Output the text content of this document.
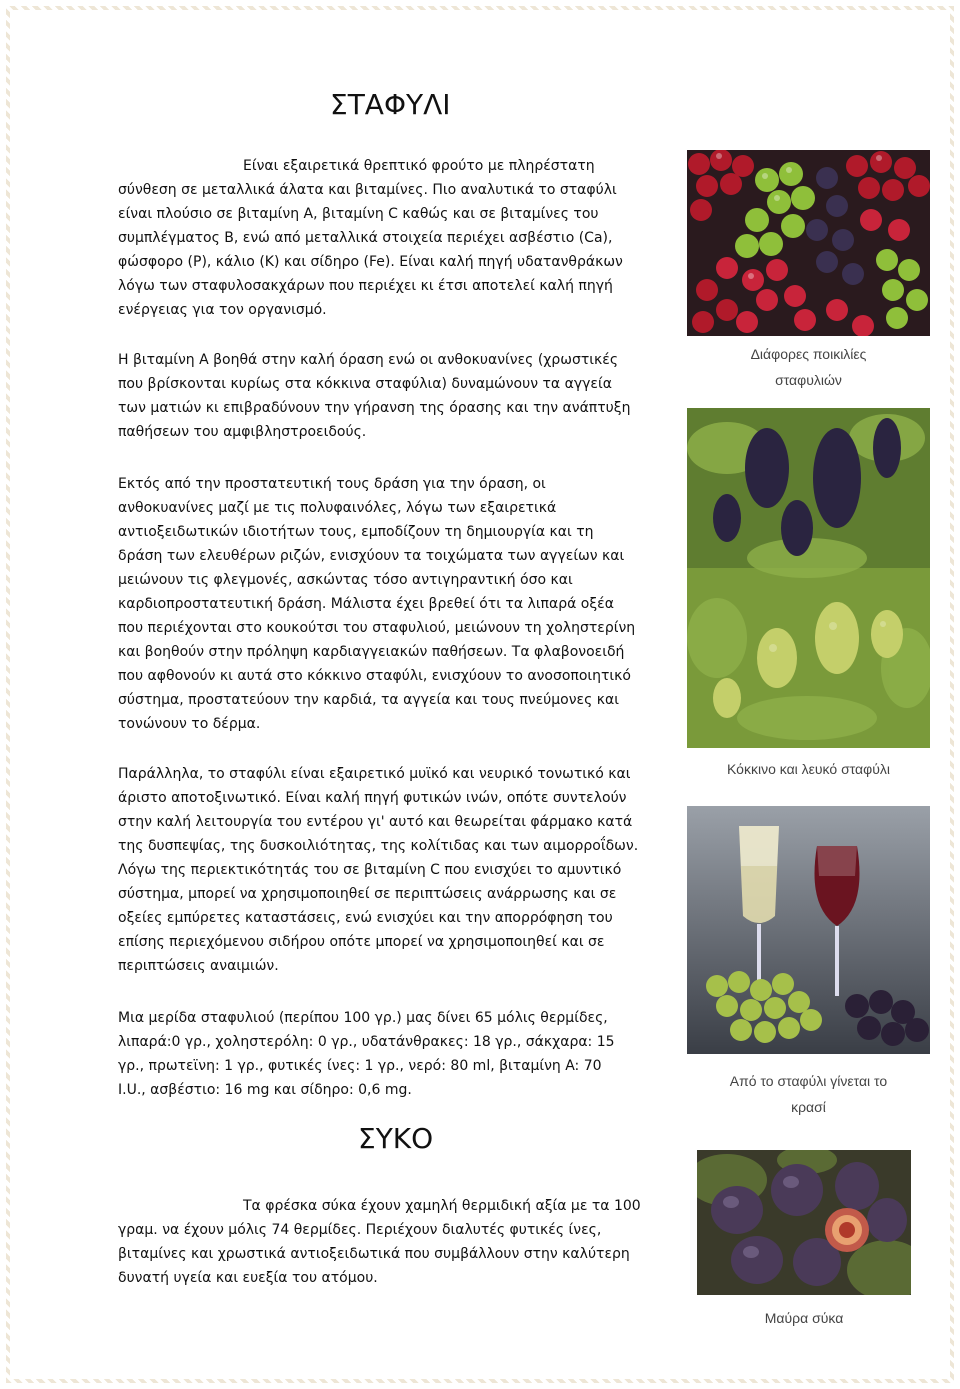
ΣΤΑΦΥΛΙ
Είναι εξαιρετικά θρεπτικό φρούτο με πληρέστατη
σύνθεση σε μεταλλικά άλατα και βιταμίνες. Πιο αναλυτικά το σταφύλι
είναι πλούσιο σε βιταμίνη A, βιταμίνη C καθώς και σε βιταμίνες του
συμπλέγματος B, ενώ από μεταλλικά στοιχεία περιέχει ασβέστιο (Ca),
φώσφορο (P), κάλιο (K) και σίδηρο (Fe). Είναι καλή πηγή υδατανθράκων
λόγω των σταφυλοσακχάρων που περιέχει κι έτσι αποτελεί καλή πηγή
ενέργειας για τον οργανισμό.
Η βιταμίνη A βοηθά στην καλή όραση ενώ οι ανθοκυανίνες (χρωστικές
που βρίσκονται κυρίως στα κόκκινα σταφύλια) δυναμώνουν τα αγγεία
των ματιών κι επιβραδύνουν την γήρανση της όρασης και την ανάπτυξη
παθήσεων του αμφιβληστροειδούς.
Εκτός από την προστατευτική τους δράση για την όραση, οι
ανθοκυανίνες μαζί με τις πολυφαινόλες, λόγω των εξαιρετικά
αντιοξειδωτικών ιδιοτήτων τους, εμποδίζουν τη δημιουργία και τη
δράση των ελευθέρων ριζών, ενισχύουν τα τοιχώματα των αγγείων και
μειώνουν τις φλεγμονές, ασκώντας τόσο αντιγηραντική όσο και
καρδιοπροστατευτική δράση. Μάλιστα έχει βρεθεί ότι τα λιπαρά οξέα
που περιέχονται στο κουκούτσι του σταφυλιού, μειώνουν τη χοληστερίνη
και βοηθούν στην πρόληψη καρδιαγγειακών παθήσεων. Τα φλαβονοειδή
που αφθονούν κι αυτά στο κόκκινο σταφύλι, ενισχύουν το ανοσοποιητικό
σύστημα, προστατεύουν την καρδιά, τα αγγεία και τους πνεύμονες και
τονώνουν το δέρμα.
Παράλληλα, το σταφύλι είναι εξαιρετικό μυϊκό και νευρικό τονωτικό και
άριστο αποτοξινωτικό. Είναι καλή πηγή φυτικών ινών, οπότε συντελούν
στην καλή λειτουργία του εντέρου γι' αυτό και θεωρείται φάρμακο κατά
της δυσπεψίας, της δυσκοιλιότητας, της κολίτιδας και των αιμορροΐδων.
Λόγω της περιεκτικότητάς του σε βιταμίνη C που ενισχύει το αμυντικό
σύστημα, μπορεί να χρησιμοποιηθεί σε περιπτώσεις ανάρρωσης και σε
οξείες εμπύρετες καταστάσεις, ενώ ενισχύει και την απορρόφηση του
επίσης περιεχόμενου σιδήρου οπότε μπορεί να χρησιμοποιηθεί και σε
περιπτώσεις αναιμιών.
Μια μερίδα σταφυλιού (περίπου 100 γρ.) μας δίνει 65 μόλις θερμίδες,
λιπαρά:0 γρ., χοληστερόλη: 0 γρ., υδατάνθρακες: 18 γρ., σάκχαρα: 15
γρ., πρωτεϊνη: 1 γρ., φυτικές ίνες: 1 γρ., νερό: 80 ml, βιταμίνη A: 70
I.U., ασβέστιο: 16 mg και σίδηρο: 0,6 mg.
ΣΥΚΟ
Τα φρέσκα σύκα έχουν χαμηλή θερμιδική αξία με τα 100
γραμ. να έχουν μόλις 74 θερμίδες. Περιέχουν διαλυτές φυτικές ίνες,
βιταμίνες και χρωστικά αντιοξειδωτικά που συμβάλλουν στην καλύτερη
δυνατή υγεία και ευεξία του ατόμου.
Διάφορες ποικιλίες
σταφυλιών
Κόκκινο και λευκό σταφύλι
Από το σταφύλι γίνεται το
κρασί
Μαύρα σύκα
